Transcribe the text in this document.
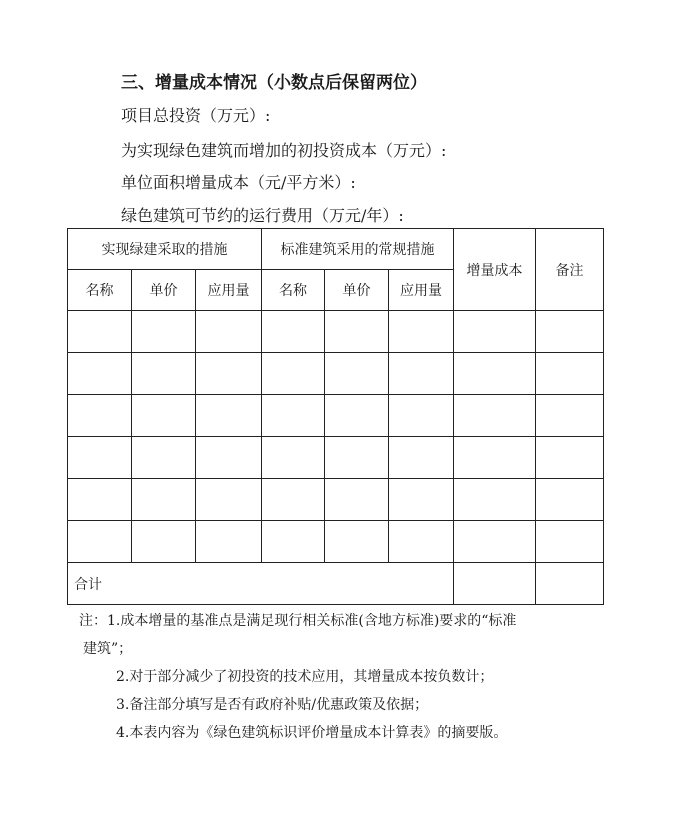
三、增量成本情况（小数点后保留两位）
项目总投资（万元）:
为实现绿色建筑而增加的初投资成本（万元）:
单位面积增量成本（元/平方米）:
绿色建筑可节约的运行费用（万元/年）:
实现绿建采取的措施			标准建筑采用的常规措施			增量成本	备注
名称	单价	应用量	名称	单价	应用量		

合计							
注：1.成本增量的基准点是满足现行相关标准(含地方标准)要求的“标准
建筑”；
2.对于部分减少了初投资的技术应用，其增量成本按负数计；
3.备注部分填写是否有政府补贴/优惠政策及依据；
4.本表内容为《绿色建筑标识评价增量成本计算表》的摘要版。
